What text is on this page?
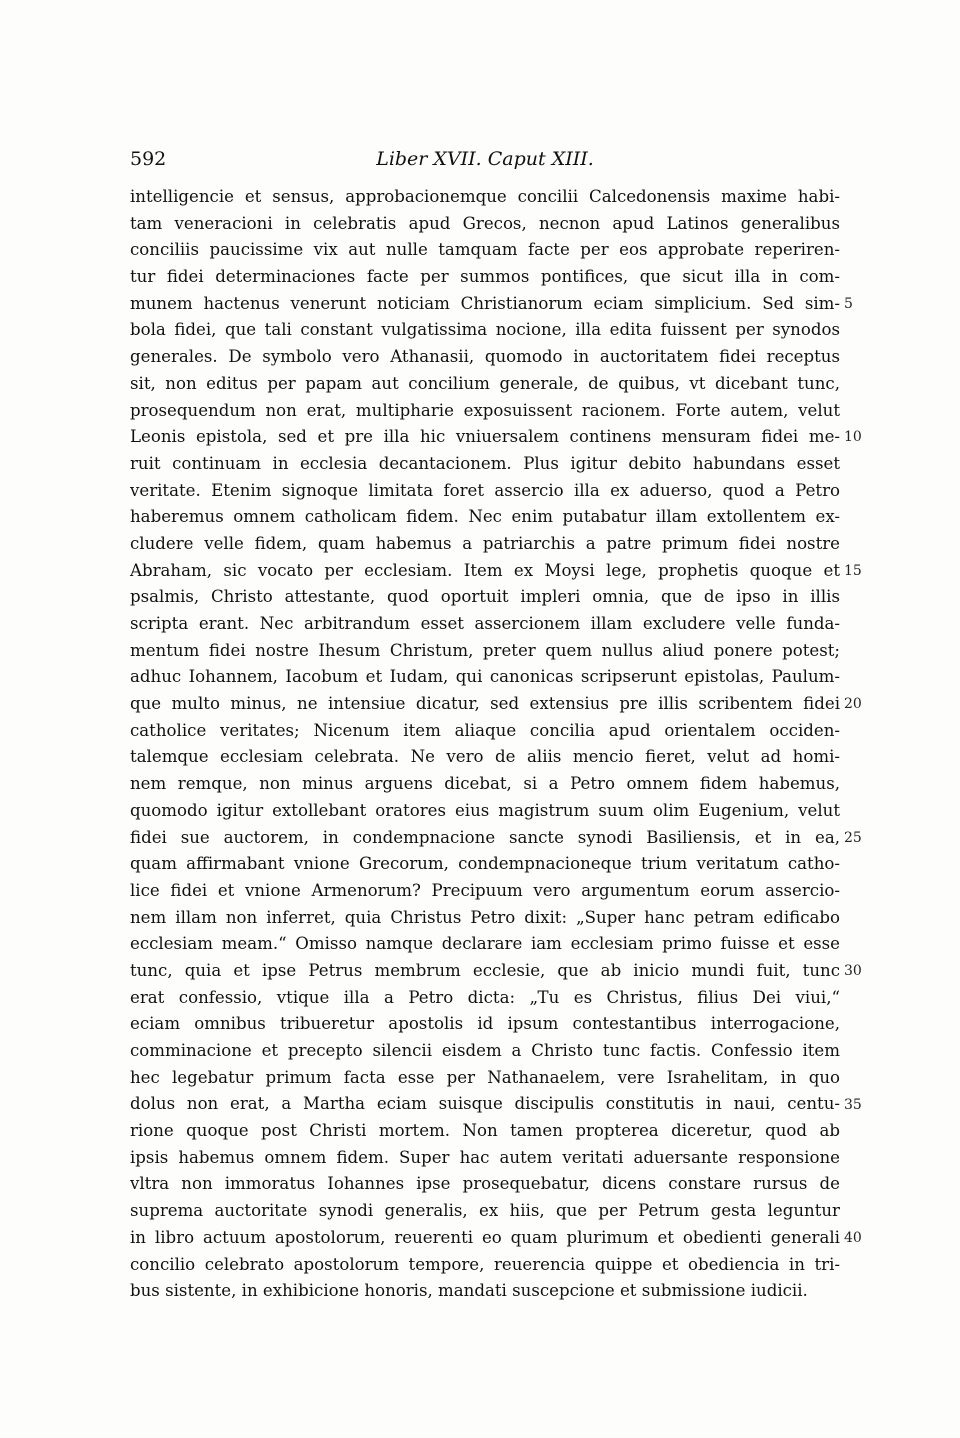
592	Liber XVII. Caput XIII.
intelligencie et sensus, approbacionemque concilii Calcedonensis maxime habi-
tam veneracioni in celebratis apud Grecos, necnon apud Latinos generalibus
conciliis paucissime vix aut nulle tamquam facte per eos approbate reperiren-
tur fidei determinaciones facte per summos pontifices, que sicut illa in com-
munem hactenus venerunt noticiam Christianorum eciam simplicium. Sed sim-
bola fidei, que tali constant vulgatissima nocione, illa edita fuissent per synodos
generales. De symbolo vero Athanasii, quomodo in auctoritatem fidei receptus
sit, non editus per papam aut concilium generale, de quibus, vt dicebant tunc,
prosequendum non erat, multipharie exposuissent racionem. Forte autem, velut
Leonis epistola, sed et pre illa hic vniuersalem continens mensuram fidei me-
ruit continuam in ecclesia decantacionem. Plus igitur debito habundans esset
veritate. Etenim signoque limitata foret assercio illa ex aduerso, quod a Petro
haberemus omnem catholicam fidem. Nec enim putabatur illam extollentem ex-
cludere velle fidem, quam habemus a patriarchis a patre primum fidei nostre
Abraham, sic vocato per ecclesiam. Item ex Moysi lege, prophetis quoque et
psalmis, Christo attestante, quod oportuit impleri omnia, que de ipso in illis
scripta erant. Nec arbitrandum esset assercionem illam excludere velle funda-
mentum fidei nostre Ihesum Christum, preter quem nullus aliud ponere potest;
adhuc Iohannem, Iacobum et Iudam, qui canonicas scripserunt epistolas, Paulum-
que multo minus, ne intensiue dicatur, sed extensius pre illis scribentem fidei
catholice veritates; Nicenum item aliaque concilia apud orientalem occiden-
talemque ecclesiam celebrata. Ne vero de aliis mencio fieret, velut ad homi-
nem remque, non minus arguens dicebat, si a Petro omnem fidem habemus,
quomodo igitur extollebant oratores eius magistrum suum olim Eugenium, velut
fidei sue auctorem, in condempnacione sancte synodi Basiliensis, et in ea,
quam affirmabant vnione Grecorum, condempnacioneque trium veritatum catho-
lice fidei et vnione Armenorum? Precipuum vero argumentum eorum assercio-
nem illam non inferret, quia Christus Petro dixit: „Super hanc petram edificabo
ecclesiam meam.“ Omisso namque declarare iam ecclesiam primo fuisse et esse
tunc, quia et ipse Petrus membrum ecclesie, que ab inicio mundi fuit, tunc
erat confessio, vtique illa a Petro dicta: „Tu es Christus, filius Dei viui,“
eciam omnibus tribueretur apostolis id ipsum contestantibus interrogacione,
comminacione et precepto silencii eisdem a Christo tunc factis. Confessio item
hec legebatur primum facta esse per Nathanaelem, vere Israhelitam, in quo
dolus non erat, a Martha eciam suisque discipulis constitutis in naui, centu-
rione quoque post Christi mortem. Non tamen propterea diceretur, quod ab
ipsis habemus omnem fidem. Super hac autem veritati aduersante responsione
vltra non immoratus Iohannes ipse prosequebatur, dicens constare rursus de
suprema auctoritate synodi generalis, ex hiis, que per Petrum gesta leguntur
in libro actuum apostolorum, reuerenti eo quam plurimum et obedienti generali
concilio celebrato apostolorum tempore, reuerencia quippe et obediencia in tri-
bus sistente, in exhibicione honoris, mandati suscepcione et submissione iudicii.
5
10
15
20
25
30
35
40
